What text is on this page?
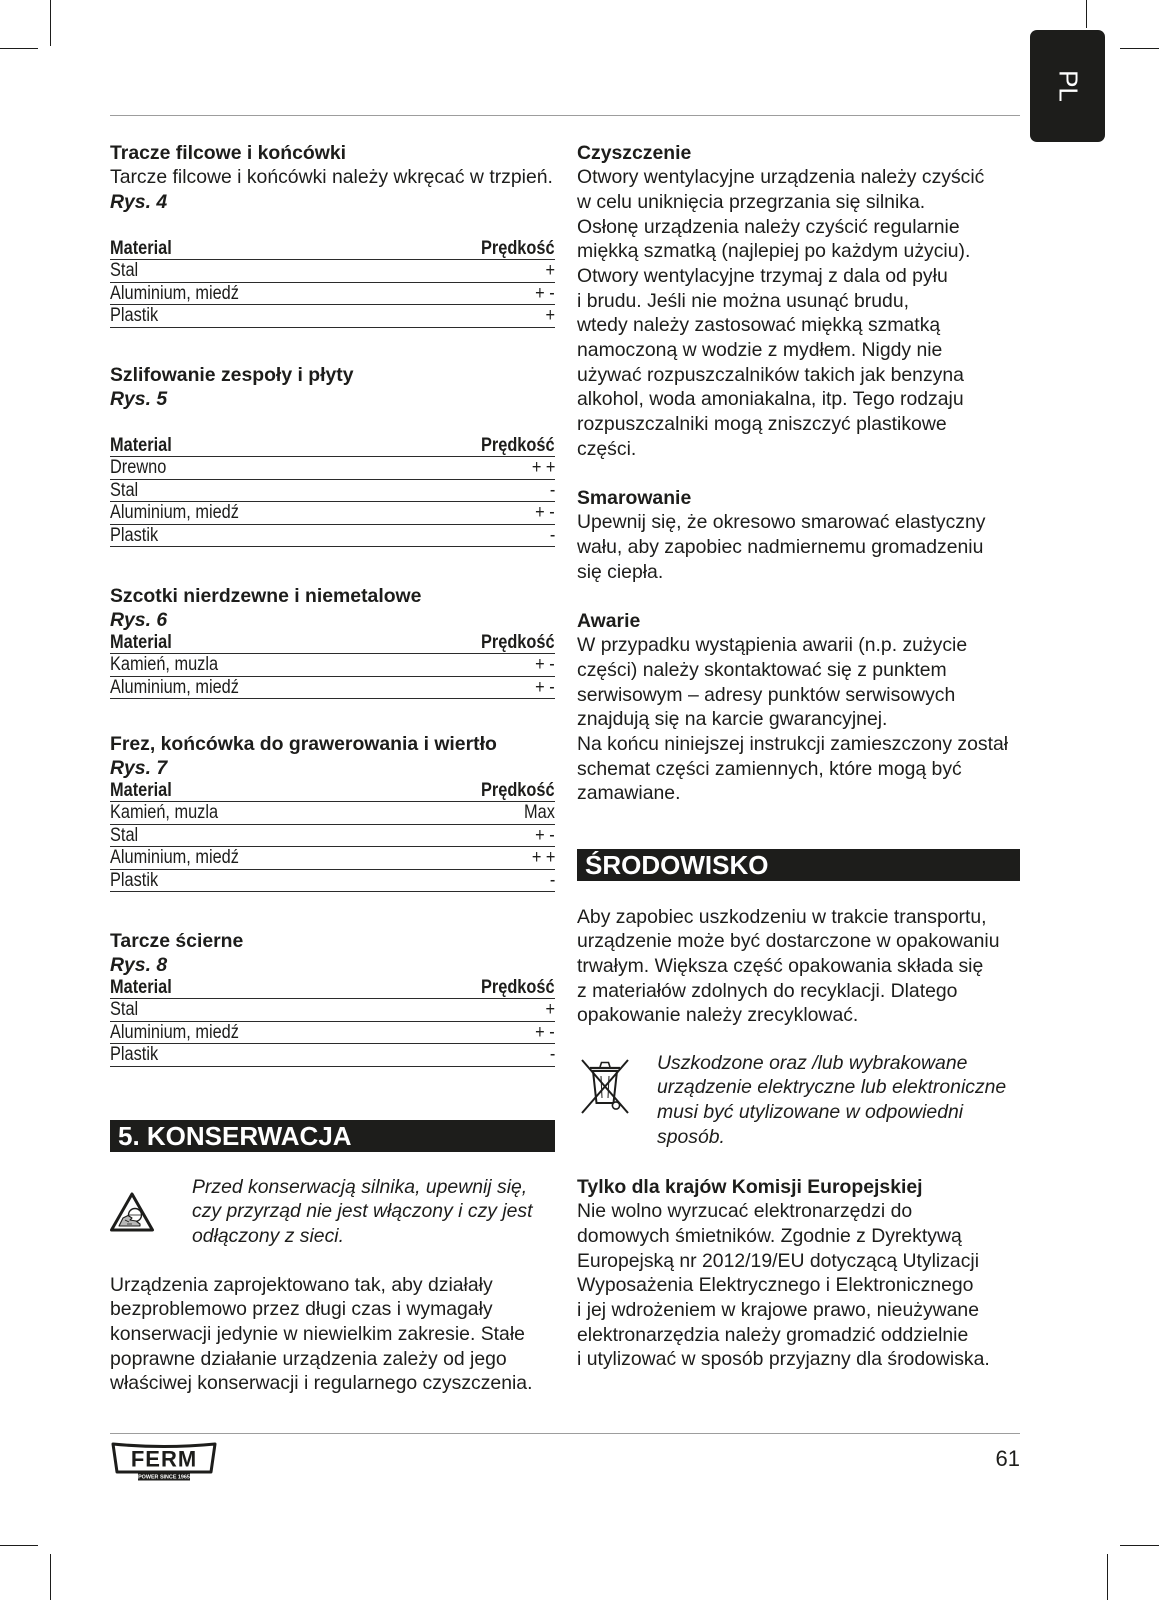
PL
Tracze filcowe i końcówki
Tarcze filcowe i końcówki należy wkręcać w trzpień.
Rys. 4
Material	Prędkość
Stal	+
Aluminium, miedź	+ -
Plastik	+
Szlifowanie zespoły i płyty
Rys. 5
Material	Prędkość
Drewno	+ +
Stal	-
Aluminium, miedź	+ -
Plastik	-
Szcotki nierdzewne i niemetalowe
Rys. 6
Material	Prędkość
Kamień, muzla	+ -
Aluminium, miedź	+ -
Frez, końcówka do grawerowania i wiertło
Rys. 7
Material	Prędkość
Kamień, muzla	Max
Stal	+ -
Aluminium, miedź	+ +
Plastik	-
Tarcze ścierne
Rys. 8
Material	Prędkość
Stal	+
Aluminium, miedź	+ -
Plastik	-
5. KONSERWACJA
Przed konserwacją silnika, upewnij się,
czy przyrząd nie jest włączony i czy jest
odłączony z sieci.
Urządzenia zaprojektowano tak, aby działały
bezproblemowo przez długi czas i wymagały
konserwacji jedynie w niewielkim zakresie. Stałe
poprawne działanie urządzenia zależy od jego
właściwej konserwacji i regularnego czyszczenia.
Czyszczenie
Otwory wentylacyjne urządzenia należy czyścić
w celu uniknięcia przegrzania się silnika.
Osłonę urządzenia należy czyścić regularnie
miękką szmatką (najlepiej po każdym użyciu).
Otwory wentylacyjne trzymaj z dala od pyłu
i brudu. Jeśli nie można usunąć brudu,
wtedy należy zastosować miękką szmatką
namoczoną w wodzie z mydłem. Nigdy nie
używać rozpuszczalników takich jak benzyna
alkohol, woda amoniakalna, itp. Tego rodzaju
rozpuszczalniki mogą zniszczyć plastikowe
części.
Smarowanie
Upewnij się, że okresowo smarować elastyczny
wału, aby zapobiec nadmiernemu gromadzeniu
się ciepła.
Awarie
W przypadku wystąpienia awarii (n.p. zużycie
części) należy skontaktować się z punktem
serwisowym – adresy punktów serwisowych
znajdują się na karcie gwarancyjnej.
Na końcu niniejszej instrukcji zamieszczony został
schemat części zamiennych, które mogą być
zamawiane.
ŚRODOWISKO
Aby zapobiec uszkodzeniu w trakcie transportu,
urządzenie może być dostarczone w opakowaniu
trwałym. Większa część opakowania składa się
z materiałów zdolnych do recyklacji. Dlatego
opakowanie należy zrecyklować.
Uszkodzone oraz /lub wybrakowane
urządzenie elektryczne lub elektroniczne
musi być utylizowane w odpowiedni
sposób.
Tylko dla krajów Komisji Europejskiej
Nie wolno wyrzucać elektronarzędzi do
domowych śmietników. Zgodnie z Dyrektywą
Europejską nr 2012/19/EU dotyczącą Utylizacji
Wyposażenia Elektrycznego i Elektronicznego
i jej wdrożeniem w krajowe prawo, nieużywane
elektronarzędzia należy gromadzić oddzielnie
i utylizować w sposób przyjazny dla środowiska.
FERM
POWER SINCE 1965
61
